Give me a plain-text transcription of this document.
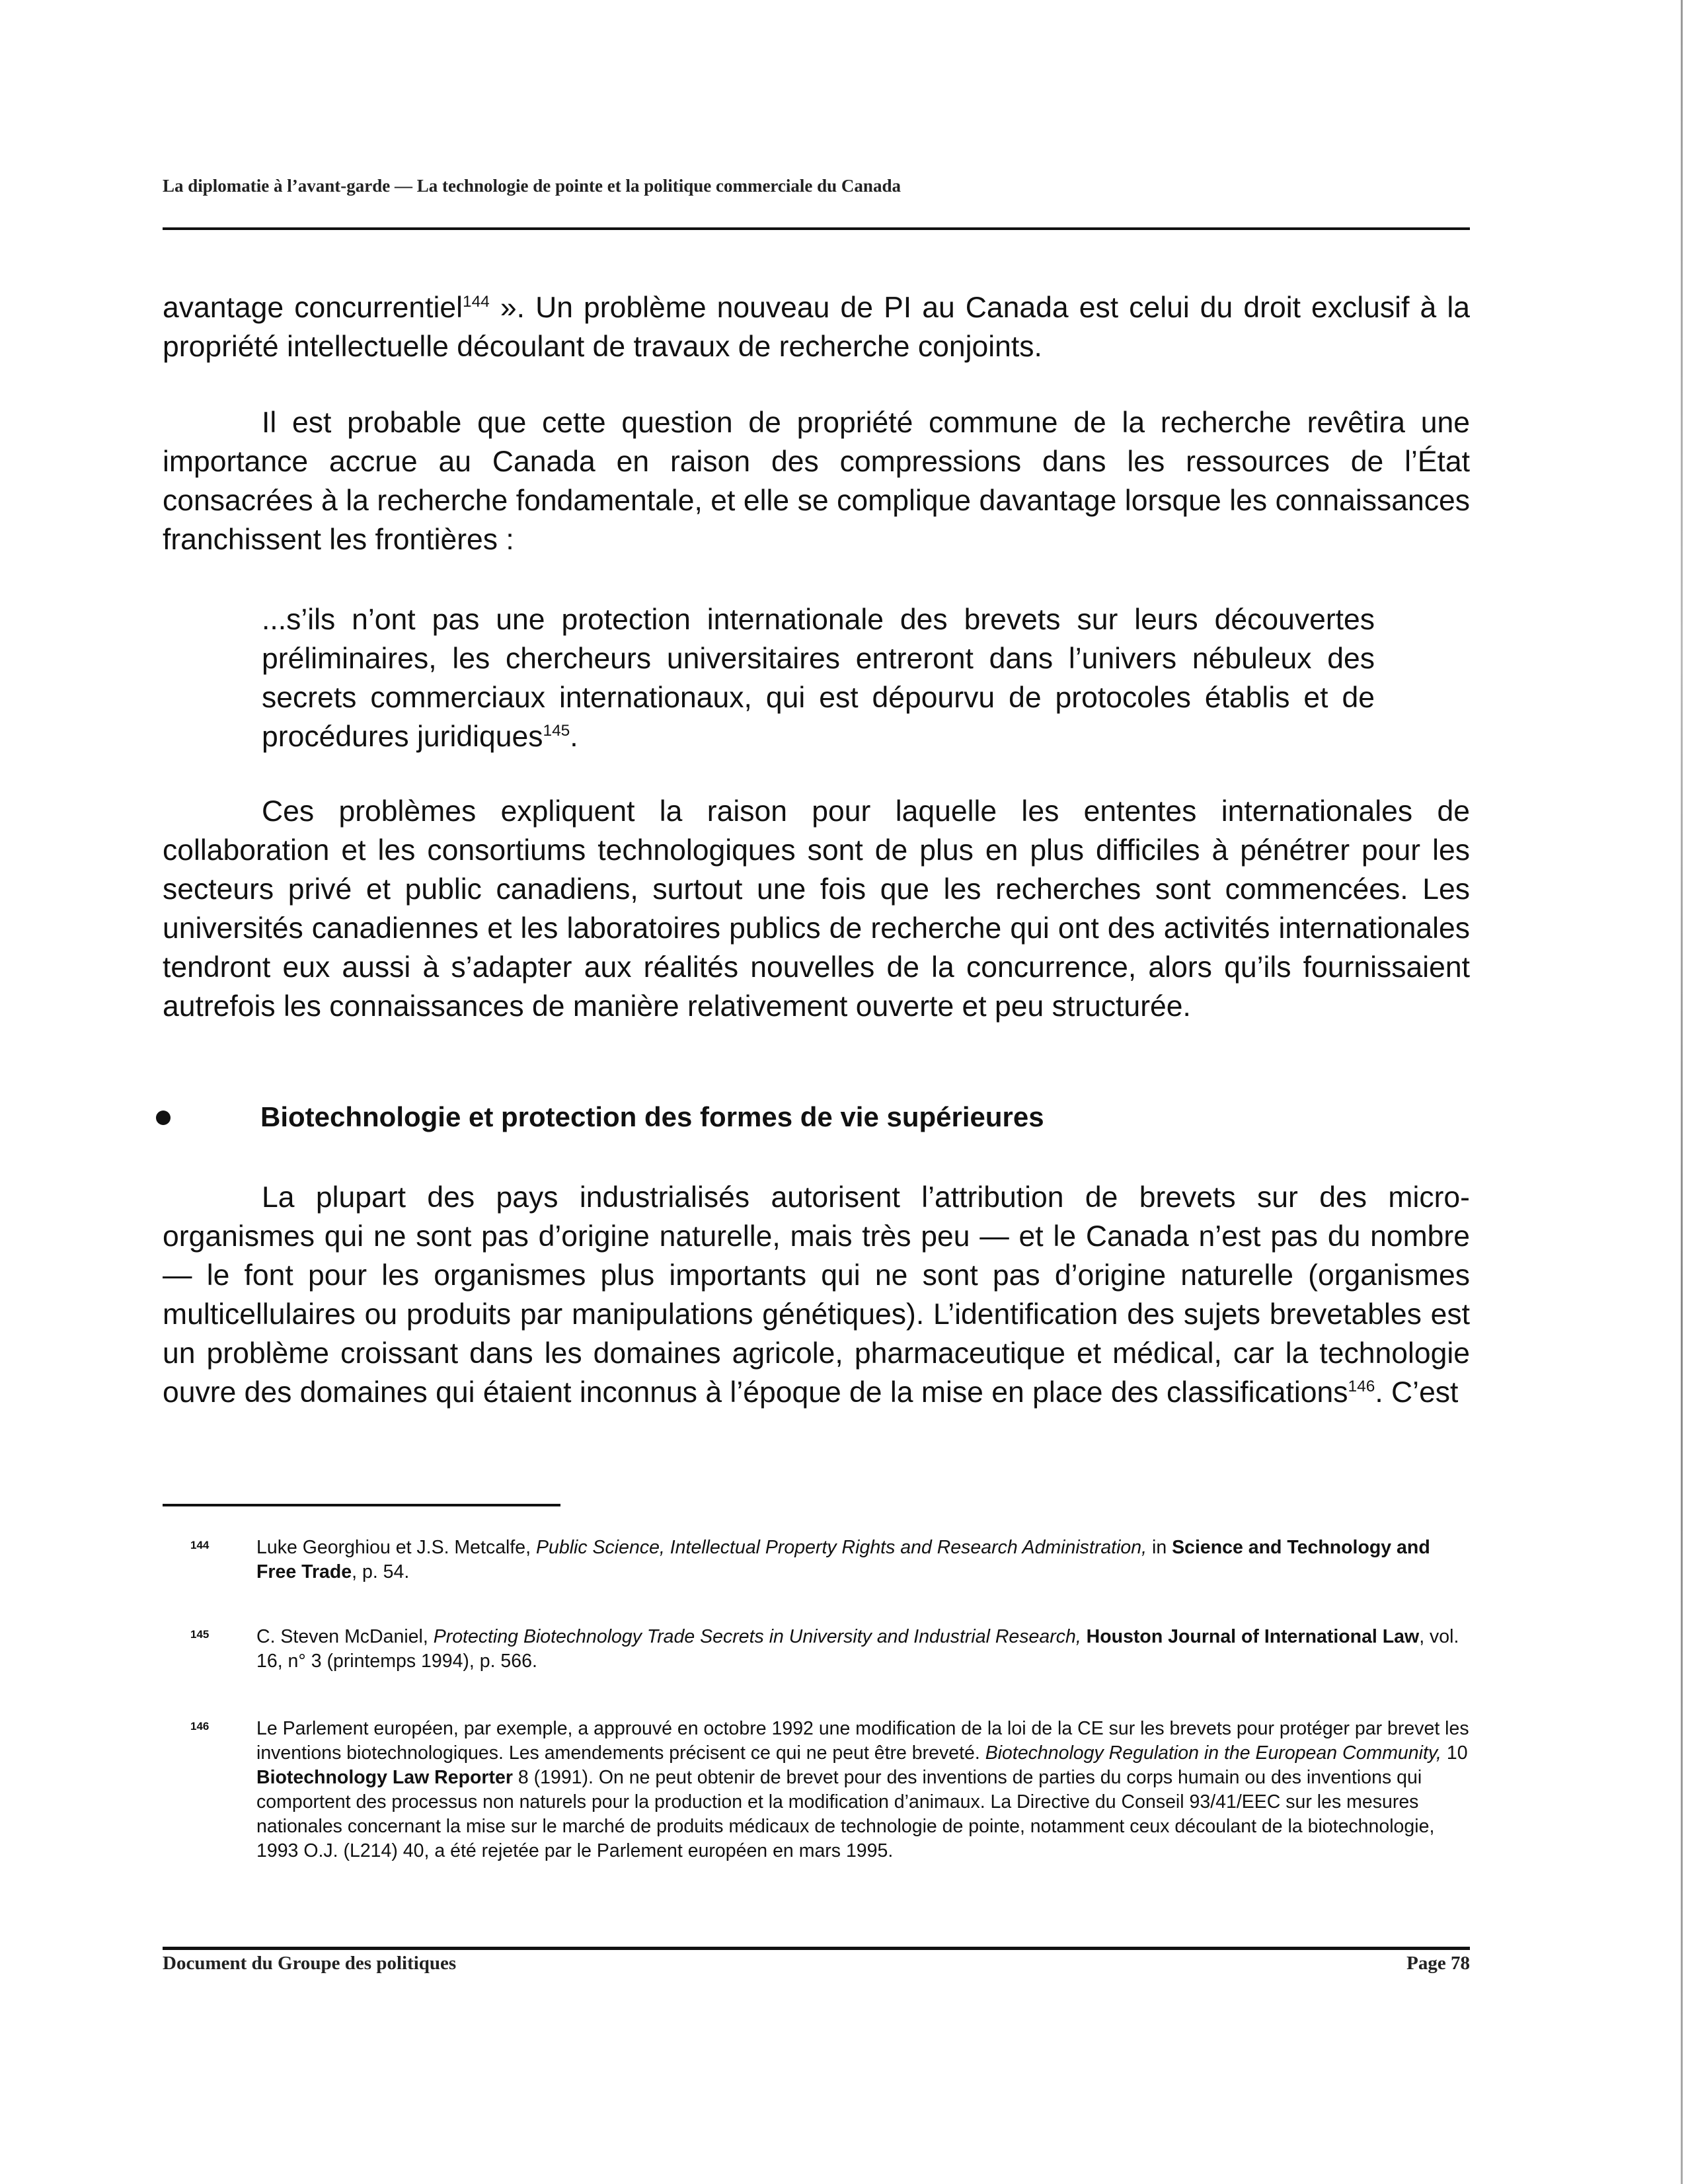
La diplomatie à l’avant-garde — La technologie de pointe et la politique commerciale du Canada

avantage concurrentiel$^{144}$ ». Un problème nouveau de PI au Canada est celui du droit exclusif à la propriété intellectuelle découlant de travaux de recherche conjoints.

Il est probable que cette question de propriété commune de la recherche revêtira une importance accrue au Canada en raison des compressions dans les ressources de l’État consacrées à la recherche fondamentale, et elle se complique davantage lorsque les connaissances franchissent les frontières :

...s’ils n’ont pas une protection internationale des brevets sur leurs découvertes préliminaires, les chercheurs universitaires entreront dans l’univers nébuleux des secrets commerciaux internationaux, qui est dépourvu de protocoles établis et de procédures juridiques$^{145}$.

Ces problèmes expliquent la raison pour laquelle les ententes internationales de collaboration et les consortiums technologiques sont de plus en plus difficiles à pénétrer pour les secteurs privé et public canadiens, surtout une fois que les recherches sont commencées. Les universités canadiennes et les laboratoires publics de recherche qui ont des activités internationales tendront eux aussi à s’adapter aux réalités nouvelles de la concurrence, alors qu’ils fournissaient autrefois les connaissances de manière relativement ouverte et peu structurée.

Biotechnologie et protection des formes de vie supérieures

La plupart des pays industrialisés autorisent l’attribution de brevets sur des micro-organismes qui ne sont pas d’origine naturelle, mais très peu — et le Canada n’est pas du nombre — le font pour les organismes plus importants qui ne sont pas d’origine naturelle (organismes multicellulaires ou produits par manipulations génétiques). L’identification des sujets brevetables est un problème croissant dans les domaines agricole, pharmaceutique et médical, car la technologie ouvre des domaines qui étaient inconnus à l’époque de la mise en place des classifications$^{146}$. C’est

144	Luke Georghiou et J.S. Metcalfe, Public Science, Intellectual Property Rights and Research Administration, in Science and Technology and Free Trade, p. 54.
145	C. Steven McDaniel, Protecting Biotechnology Trade Secrets in University and Industrial Research, Houston Journal of International Law, vol. 16, n° 3 (printemps 1994), p. 566.
146	Le Parlement européen, par exemple, a approuvé en octobre 1992 une modification de la loi de la CE sur les brevets pour protéger par brevet les inventions biotechnologiques. Les amendements précisent ce qui ne peut être breveté. Biotechnology Regulation in the European Community, 10 Biotechnology Law Reporter 8 (1991). On ne peut obtenir de brevet pour des inventions de parties du corps humain ou des inventions qui comportent des processus non naturels pour la production et la modification d’animaux. La Directive du Conseil 93/41/EEC sur les mesures nationales concernant la mise sur le marché de produits médicaux de technologie de pointe, notamment ceux découlant de la biotechnologie, 1993 O.J. (L214) 40, a été rejetée par le Parlement européen en mars 1995.
Document du Groupe des politiques	Page 78
